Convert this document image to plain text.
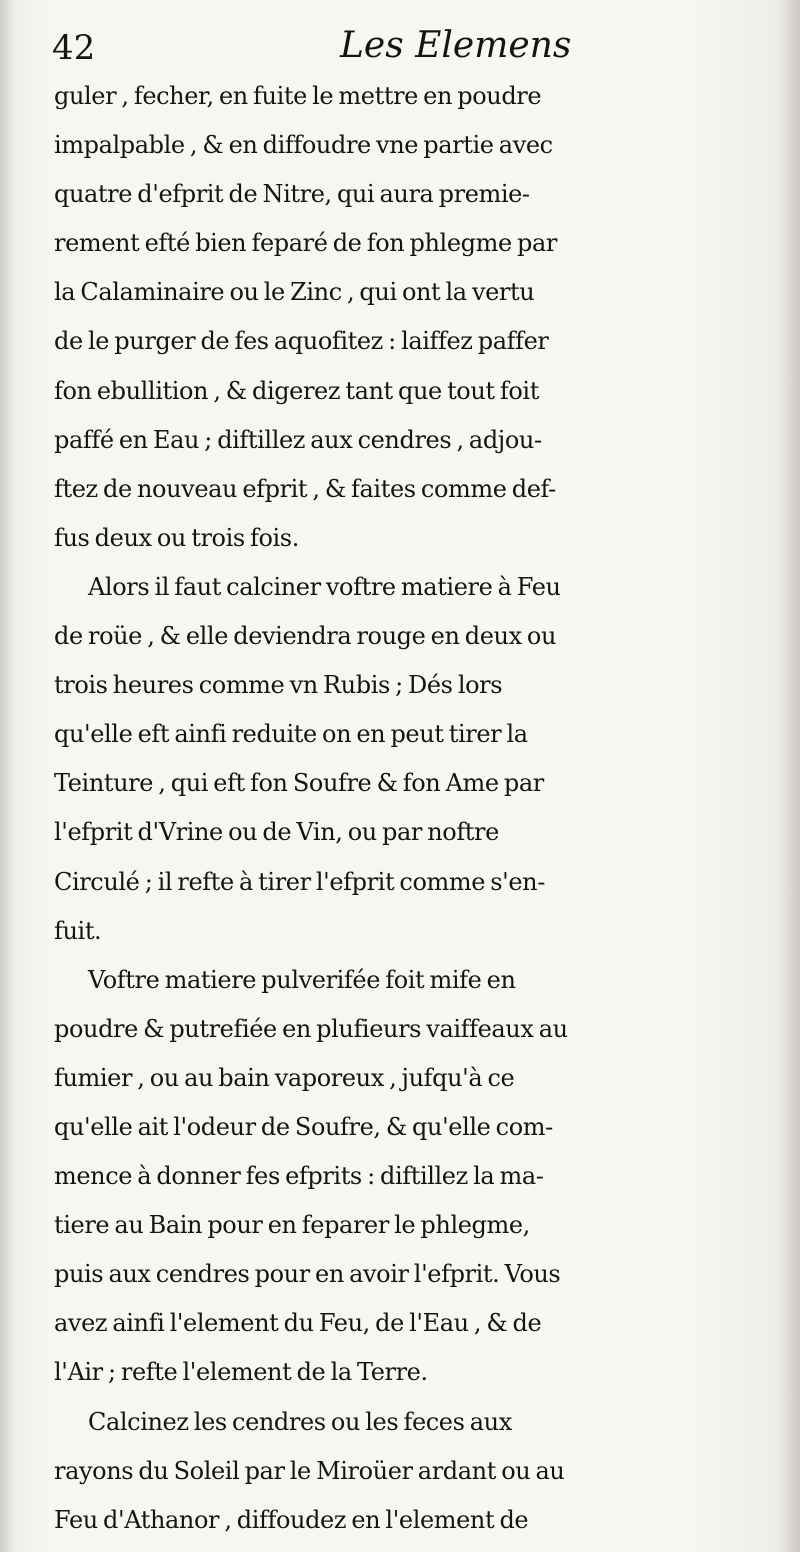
42	Les Elemens
guler , fecher, en fuite le mettre en poudre
impalpable , & en diffoudre vne partie avec
quatre d'efprit de Nitre, qui aura premie-
rement efté bien feparé de fon phlegme par
la Calaminaire ou le Zinc , qui ont la vertu
de le purger de fes aquofitez : laiffez paffer
fon ebullition , & digerez tant que tout foit
paffé en Eau ; diftillez aux cendres , adjou-
ftez de nouveau efprit , & faites comme def-
fus deux ou trois fois.
Alors il faut calciner voftre matiere à Feu
de roüe , & elle deviendra rouge en deux ou
trois heures comme vn Rubis ; Dés lors
qu'elle eft ainfi reduite on en peut tirer la
Teinture , qui eft fon Soufre & fon Ame par
l'efprit d'Vrine ou de Vin, ou par noftre
Circulé ; il refte à tirer l'efprit comme s'en-
fuit.
Voftre matiere pulverifée foit mife en
poudre & putrefiée en plufieurs vaiffeaux au
fumier , ou au bain vaporeux , jufqu'à ce
qu'elle ait l'odeur de Soufre, & qu'elle com-
mence à donner fes efprits : diftillez la ma-
tiere au Bain pour en feparer le phlegme,
puis aux cendres pour en avoir l'efprit. Vous
avez ainfi l'element du Feu, de l'Eau , & de
l'Air ; refte l'element de la Terre.
Calcinez les cendres ou les feces aux
rayons du Soleil par le Miroüer ardant ou au
Feu d'Athanor , diffoudez en l'element de
